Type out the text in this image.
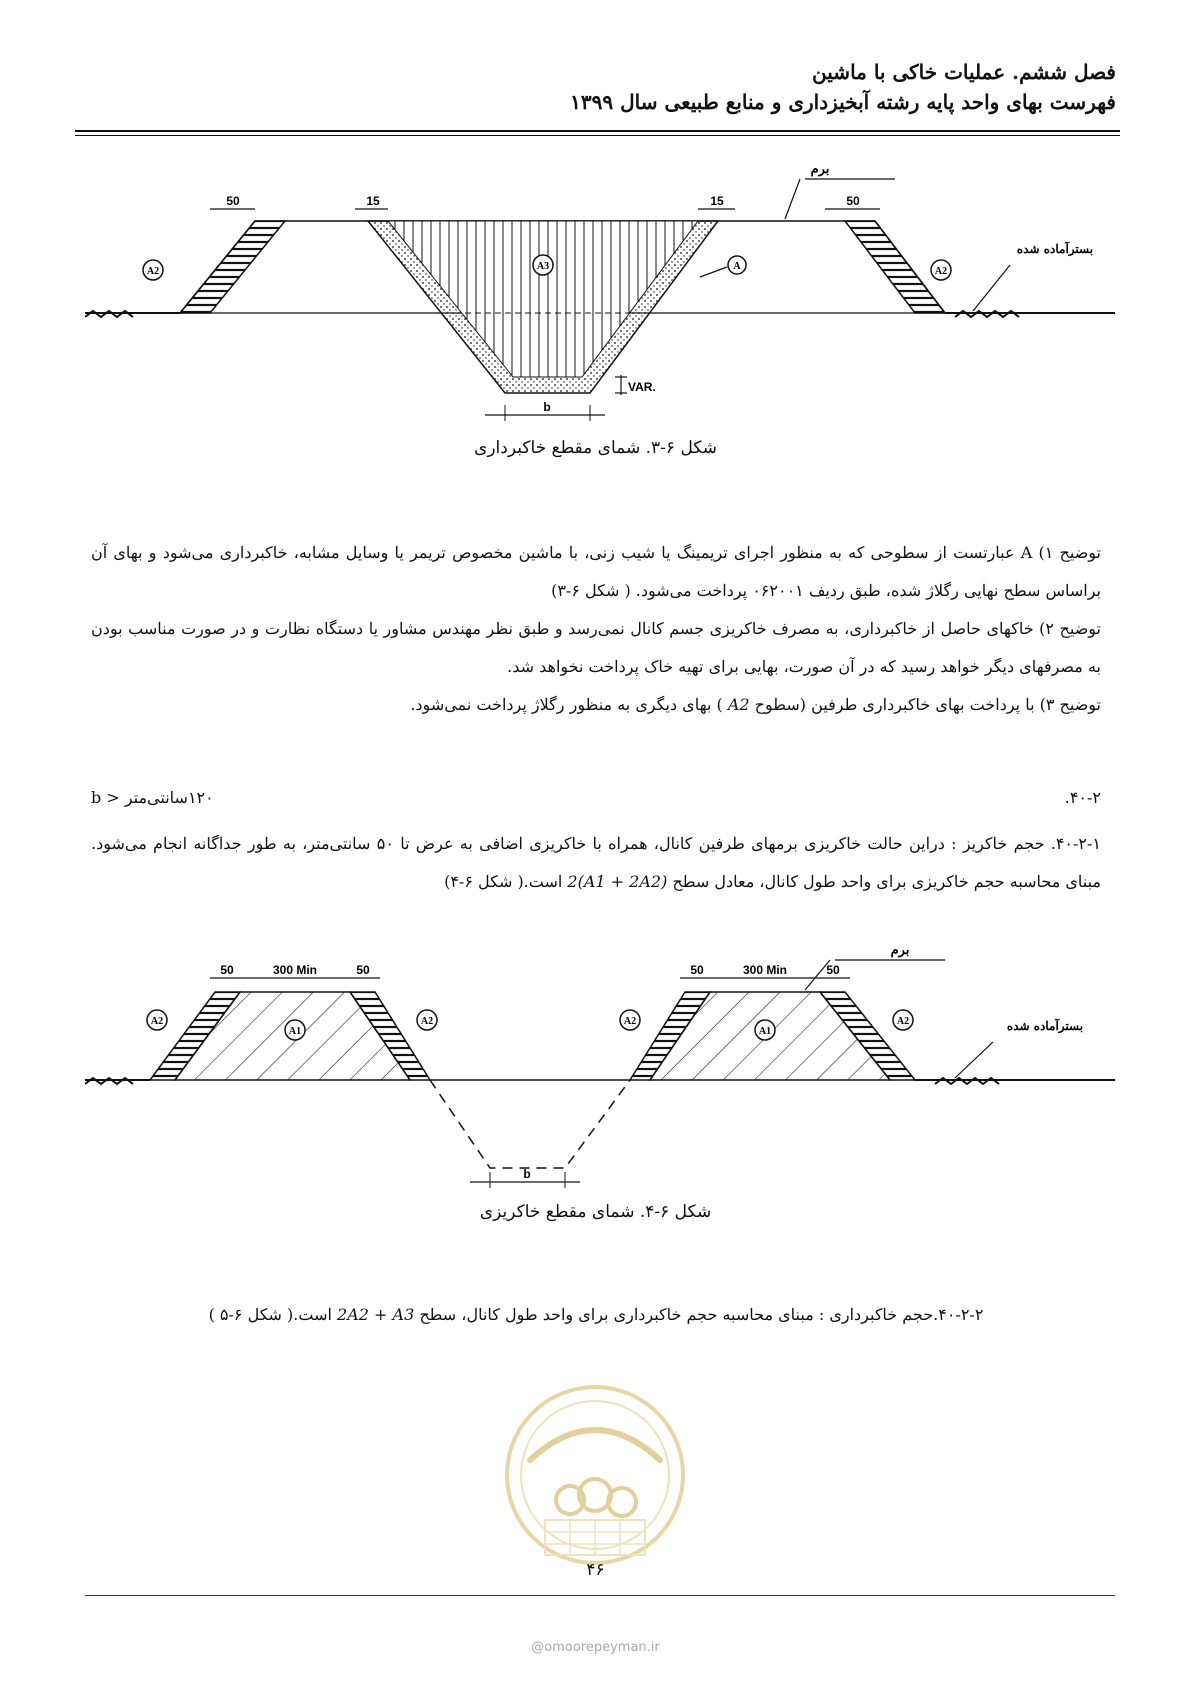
فصل ششم. عملیات خاکی با ماشین
فهرست بهای واحد پایه رشته آبخیزداری و منابع طبیعی سال ۱۳۹۹
50	15	15	50
برم
بسترآماده شده
A2	A3	A	A2
VAR.
b
شکل ۶-۳. شمای مقطع خاکبرداری

توضیح ۱) A عبارتست از سطوحی که به منظور اجرای تریمینگ یا شیب زنی، با ماشین مخصوص تریمر یا وسایل مشابه، خاکبرداری می‌شود و بهای آن براساس سطح نهایی رگلاژ شده، طبق ردیف ۰۶۲۰۰۱ پرداخت می‌شود. ( شکل ۶-۳)

توضیح ۲) خاکهای حاصل از خاکبرداری، به مصرف خاکریزی جسم کانال نمی‌رسد و طبق نظر مهندس مشاور یا دستگاه نظارت و در صورت مناسب بودن به مصرفهای دیگر خواهد رسید که در آن صورت، بهایی برای تهیه خاک پرداخت نخواهد شد.

توضیح ۳) با پرداخت بهای خاکبرداری طرفین (سطوح A2 ) بهای دیگری به منظور رگلاژ پرداخت نمی‌شود.

۴۰-۲.
۱۲۰سانتی‌متر < b

۴۰-۲-۱. حجم خاکریز : دراین حالت خاکریزی برمهای طرفین کانال، همراه با خاکریزی اضافی به عرض تا ۵۰ سانتی‌متر، به طور جداگانه انجام می‌شود. مبنای محاسبه حجم خاکریزی برای واحد طول کانال، معادل سطح 2(A1 + 2A2) است.( شکل ۶-۴)

50	300 Min	50	50	300 Min	50
برم
بسترآماده شده
A2
A1
A2	A2
A1
A2
b
شکل ۶-۴. شمای مقطع خاکریزی

۴۰-۲-۲.حجم خاکبرداری : مبنای محاسبه حجم خاکبرداری برای واحد طول کانال، سطح 2A2 + A3 است.( شکل ۶-۵ )

۴۶
@omoorepeyman.ir
